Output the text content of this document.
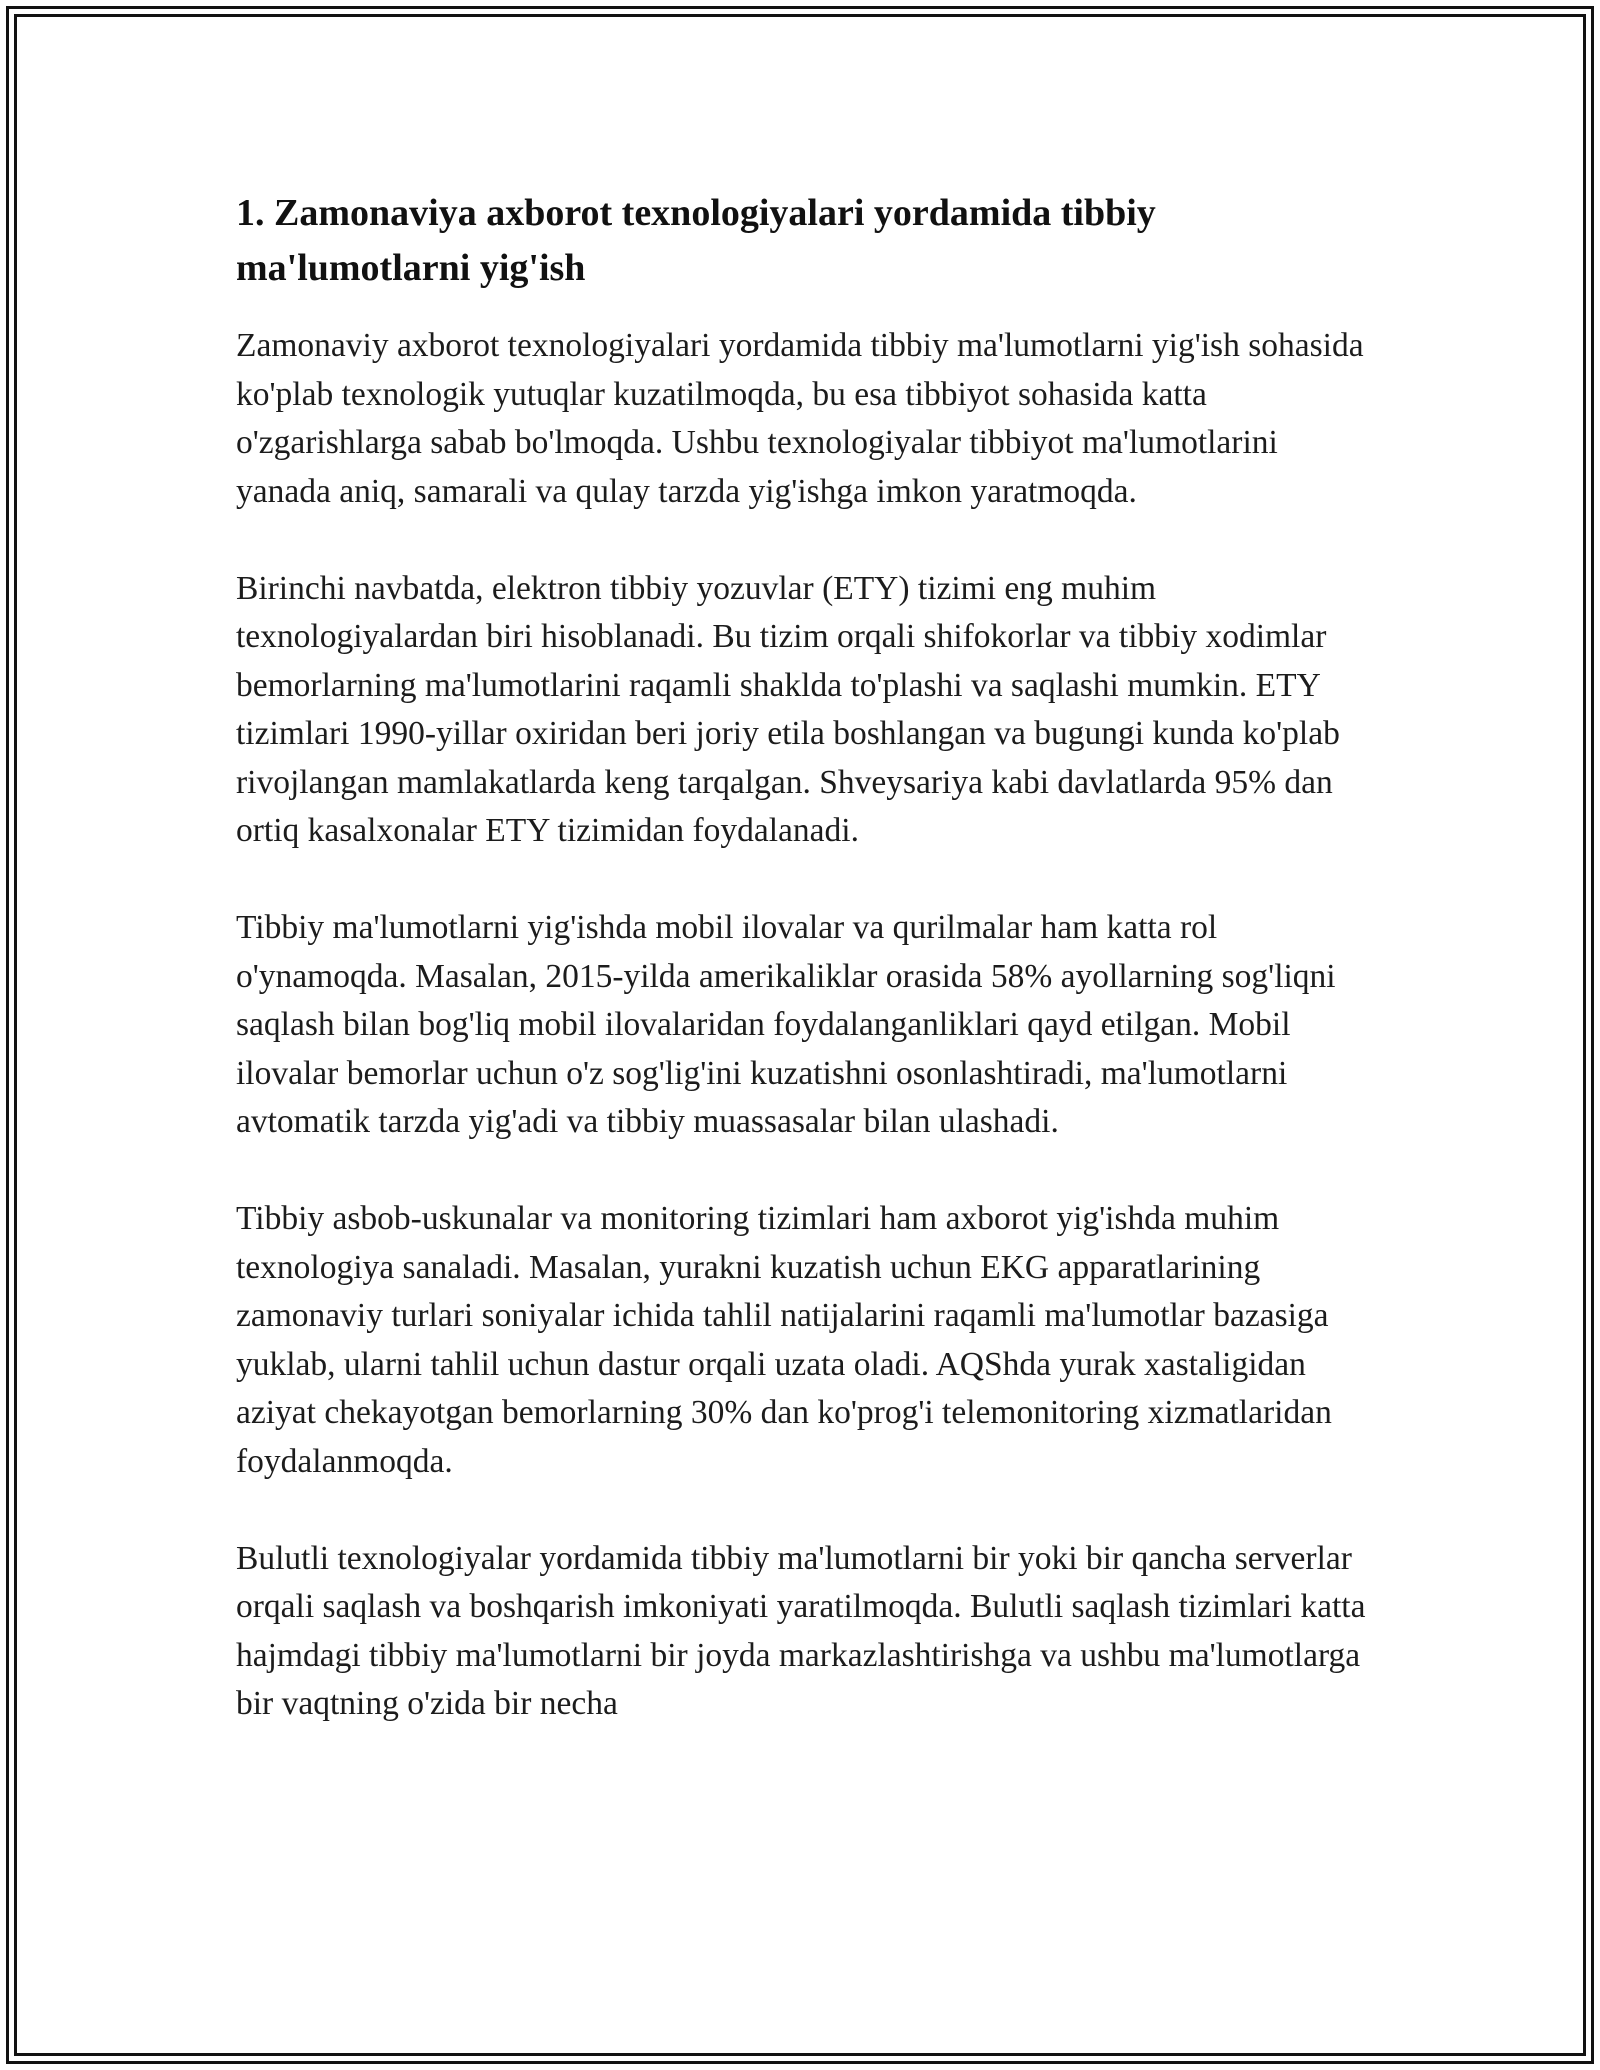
1. Zamonaviya axborot texnologiyalari yordamida tibbiy ma'lumotlarni yig'ish

Zamonaviy axborot texnologiyalari yordamida tibbiy ma'lumotlarni yig'ish sohasida ko'plab texnologik yutuqlar kuzatilmoqda, bu esa tibbiyot sohasida katta o'zgarishlarga sabab bo'lmoqda. Ushbu texnologiyalar tibbiyot ma'lumotlarini yanada aniq, samarali va qulay tarzda yig'ishga imkon yaratmoqda.

Birinchi navbatda, elektron tibbiy yozuvlar (ETY) tizimi eng muhim texnologiyalardan biri hisoblanadi. Bu tizim orqali shifokorlar va tibbiy xodimlar bemorlarning ma'lumotlarini raqamli shaklda to'plashi va saqlashi mumkin. ETY tizimlari 1990-yillar oxiridan beri joriy etila boshlangan va bugungi kunda ko'plab rivojlangan mamlakatlarda keng tarqalgan. Shveysariya kabi davlatlarda 95% dan ortiq kasalxonalar ETY tizimidan foydalanadi.

Tibbiy ma'lumotlarni yig'ishda mobil ilovalar va qurilmalar ham katta rol o'ynamoqda. Masalan, 2015-yilda amerikaliklar orasida 58% ayollarning sog'liqni saqlash bilan bog'liq mobil ilovalaridan foydalanganliklari qayd etilgan. Mobil ilovalar bemorlar uchun o'z sog'lig'ini kuzatishni osonlashtiradi, ma'lumotlarni avtomatik tarzda yig'adi va tibbiy muassasalar bilan ulashadi.

Tibbiy asbob-uskunalar va monitoring tizimlari ham axborot yig'ishda muhim texnologiya sanaladi. Masalan, yurakni kuzatish uchun EKG apparatlarining zamonaviy turlari soniyalar ichida tahlil natijalarini raqamli ma'lumotlar bazasiga yuklab, ularni tahlil uchun dastur orqali uzata oladi. AQShda yurak xastaligidan aziyat chekayotgan bemorlarning 30% dan ko'prog'i telemonitoring xizmatlaridan foydalanmoqda.

Bulutli texnologiyalar yordamida tibbiy ma'lumotlarni bir yoki bir qancha serverlar orqali saqlash va boshqarish imkoniyati yaratilmoqda. Bulutli saqlash tizimlari katta hajmdagi tibbiy ma'lumotlarni bir joyda markazlashtirishga va ushbu ma'lumotlarga bir vaqtning o'zida bir necha
